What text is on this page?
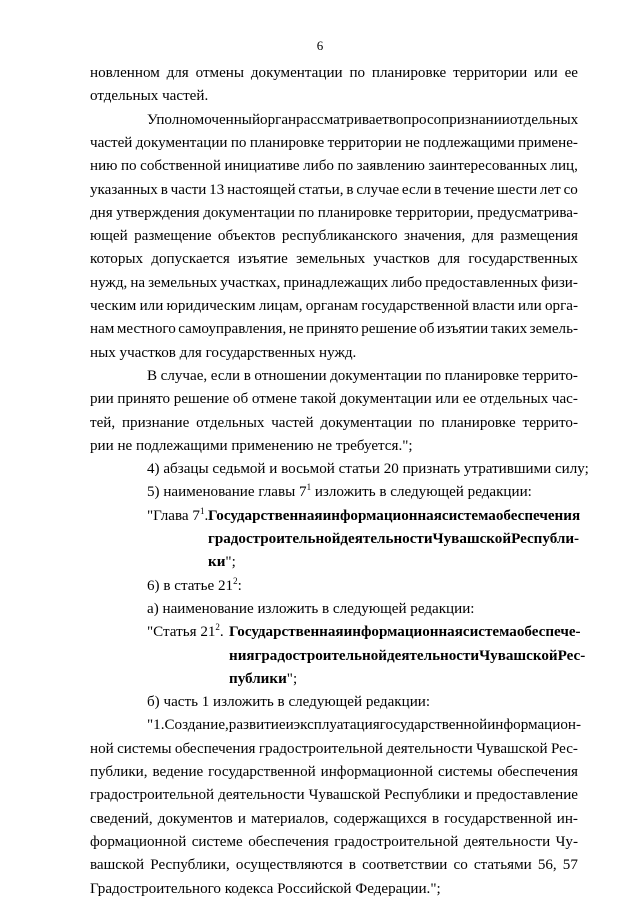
6
новленном для отмены документации по планировке территории или ее
отдельных частей.
Уполномоченный орган рассматривает вопрос о признании отдельных
частей документации по планировке территории не подлежащими примене-
нию по собственной инициативе либо по заявлению заинтересованных лиц,
указанных в части 13 настоящей статьи, в случае если в течение шести лет со
дня утверждения документации по планировке территории, предусматрива-
ющей размещение объектов республиканского значения, для размещения
которых допускается изъятие земельных участков для государственных
нужд, на земельных участках, принадлежащих либо предоставленных физи-
ческим или юридическим лицам, органам государственной власти или орга-
нам местного самоуправления, не принято решение об изъятии таких земель-
ных участков для государственных нужд.
В случае, если в отношении документации по планировке террито-
рии принято решение об отмене такой документации или ее отдельных час-
тей, признание отдельных частей документации по планировке террито-
рии не подлежащими применению не требуется.";
4) абзацы седьмой и восьмой статьи 20 признать утратившими силу;
5) наименование главы $7^1$ изложить в следующей редакции:
"Глава $7^1$. Государственная информационная система обеспечения
градостроительной деятельности Чувашской Республи-
ки";
6) в статье $21^2$:
а) наименование изложить в следующей редакции:
"Статья $21^2$. Государственная информационная система обеспече-
ния градостроительной деятельности Чувашской Рес-
публики";
б) часть 1 изложить в следующей редакции:
"1. Создание, развитие и эксплуатация государственной информацион-
ной системы обеспечения градостроительной деятельности Чувашской Рес-
публики, ведение государственной информационной системы обеспечения
градостроительной деятельности Чувашской Республики и предоставление
сведений, документов и материалов, содержащихся в государственной ин-
формационной системе обеспечения градостроительной деятельности Чу-
вашской Республики, осуществляются в соответствии со статьями 56, 57
Градостроительного кодекса Российской Федерации.";
